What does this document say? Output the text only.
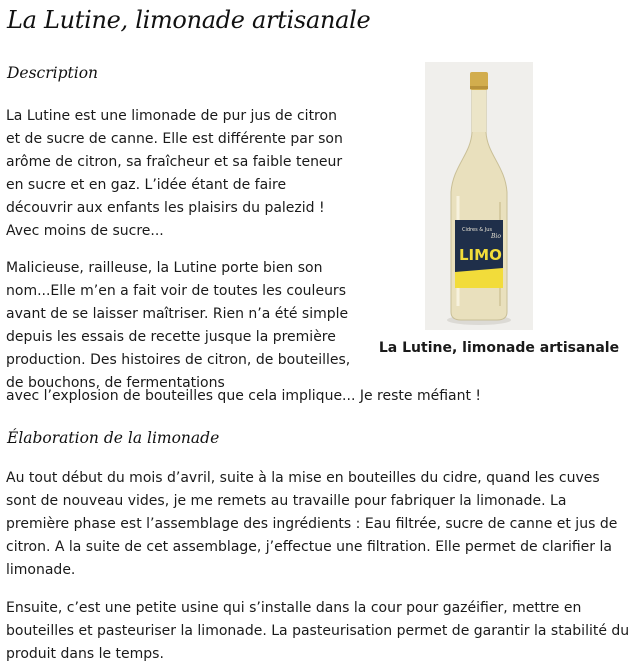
La Lutine, limonade artisanale
Description

La Lutine est une limonade de pur jus de citron et de sucre de canne. Elle est différente par son arôme de citron, sa fraîcheur et sa faible teneur en sucre et en gaz. L’idée étant de faire découvrir aux enfants les plaisirs du palezid ! Avec moins de sucre...

Malicieuse, railleuse, la Lutine porte bien son nom...Elle m’en a fait voir de toutes les couleurs avant de se laisser maîtriser. Rien n’a été simple depuis les essais de recette jusque la première production. Des histoires de citron, de bouteilles, de bouchons, de fermentations

avec l’explosion de bouteilles que cela implique... Je reste méfiant !

Cidres & Jus
Bio
LIMO

La Lutine, limonade artisanale

Élaboration de la limonade

Au tout début du mois d’avril, suite à la mise en bouteilles du cidre, quand les cuves sont de nouveau vides, je me remets au travaille pour fabriquer la limonade. La première phase est l’assemblage des ingrédients : Eau filtrée, sucre de canne et jus de citron. A la suite de cet assemblage, j’effectue une filtration. Elle permet de clarifier la limonade.

Ensuite, c’est une petite usine qui s’installe dans la cour pour gazéifier, mettre en bouteilles et pasteuriser la limonade. La pasteurisation permet de garantir la stabilité du produit dans le temps.
